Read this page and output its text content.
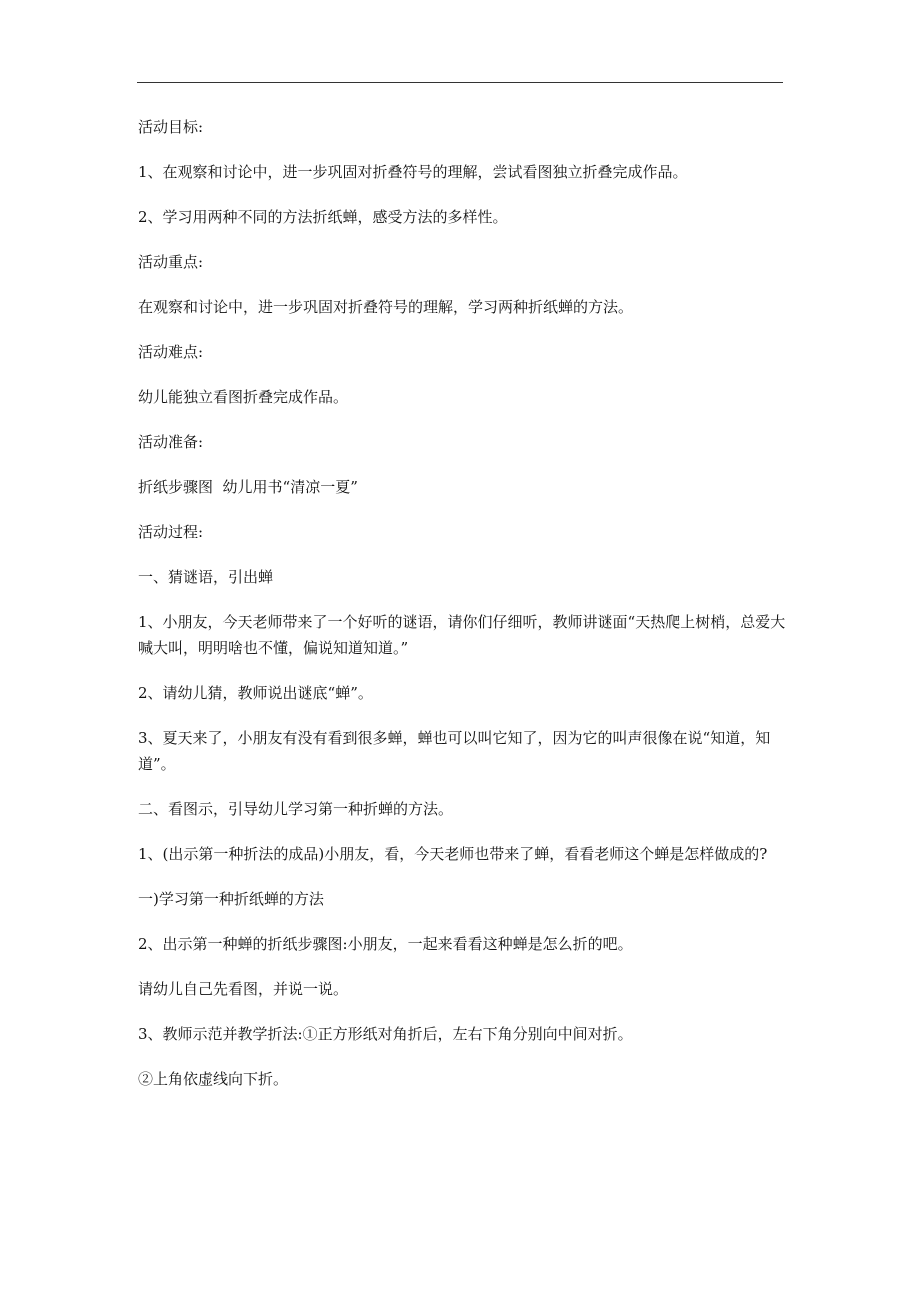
活动目标:

1、在观察和讨论中，进一步巩固对折叠符号的理解，尝试看图独立折叠完成作品。

2、学习用两种不同的方法折纸蝉，感受方法的多样性。

活动重点:

在观察和讨论中，进一步巩固对折叠符号的理解，学习两种折纸蝉的方法。

活动难点:

幼儿能独立看图折叠完成作品。

活动准备:

折纸步骤图  幼儿用书“清凉一夏”

活动过程:

一、猜谜语，引出蝉

1、小朋友，今天老师带来了一个好听的谜语，请你们仔细听，教师讲谜面“天热爬上树梢，总爱大喊大叫，明明啥也不懂，偏说知道知道。”

2、请幼儿猜，教师说出谜底“蝉”。

3、夏天来了，小朋友有没有看到很多蝉，蝉也可以叫它知了，因为它的叫声很像在说“知道，知道”。

二、看图示，引导幼儿学习第一种折蝉的方法。

1、(出示第一种折法的成品)小朋友，看，今天老师也带来了蝉，看看老师这个蝉是怎样做成的?

一)学习第一种折纸蝉的方法

2、出示第一种蝉的折纸步骤图:小朋友，一起来看看这种蝉是怎么折的吧。

请幼儿自己先看图，并说一说。

3、教师示范并教学折法:①正方形纸对角折后，左右下角分别向中间对折。

②上角依虚线向下折。
